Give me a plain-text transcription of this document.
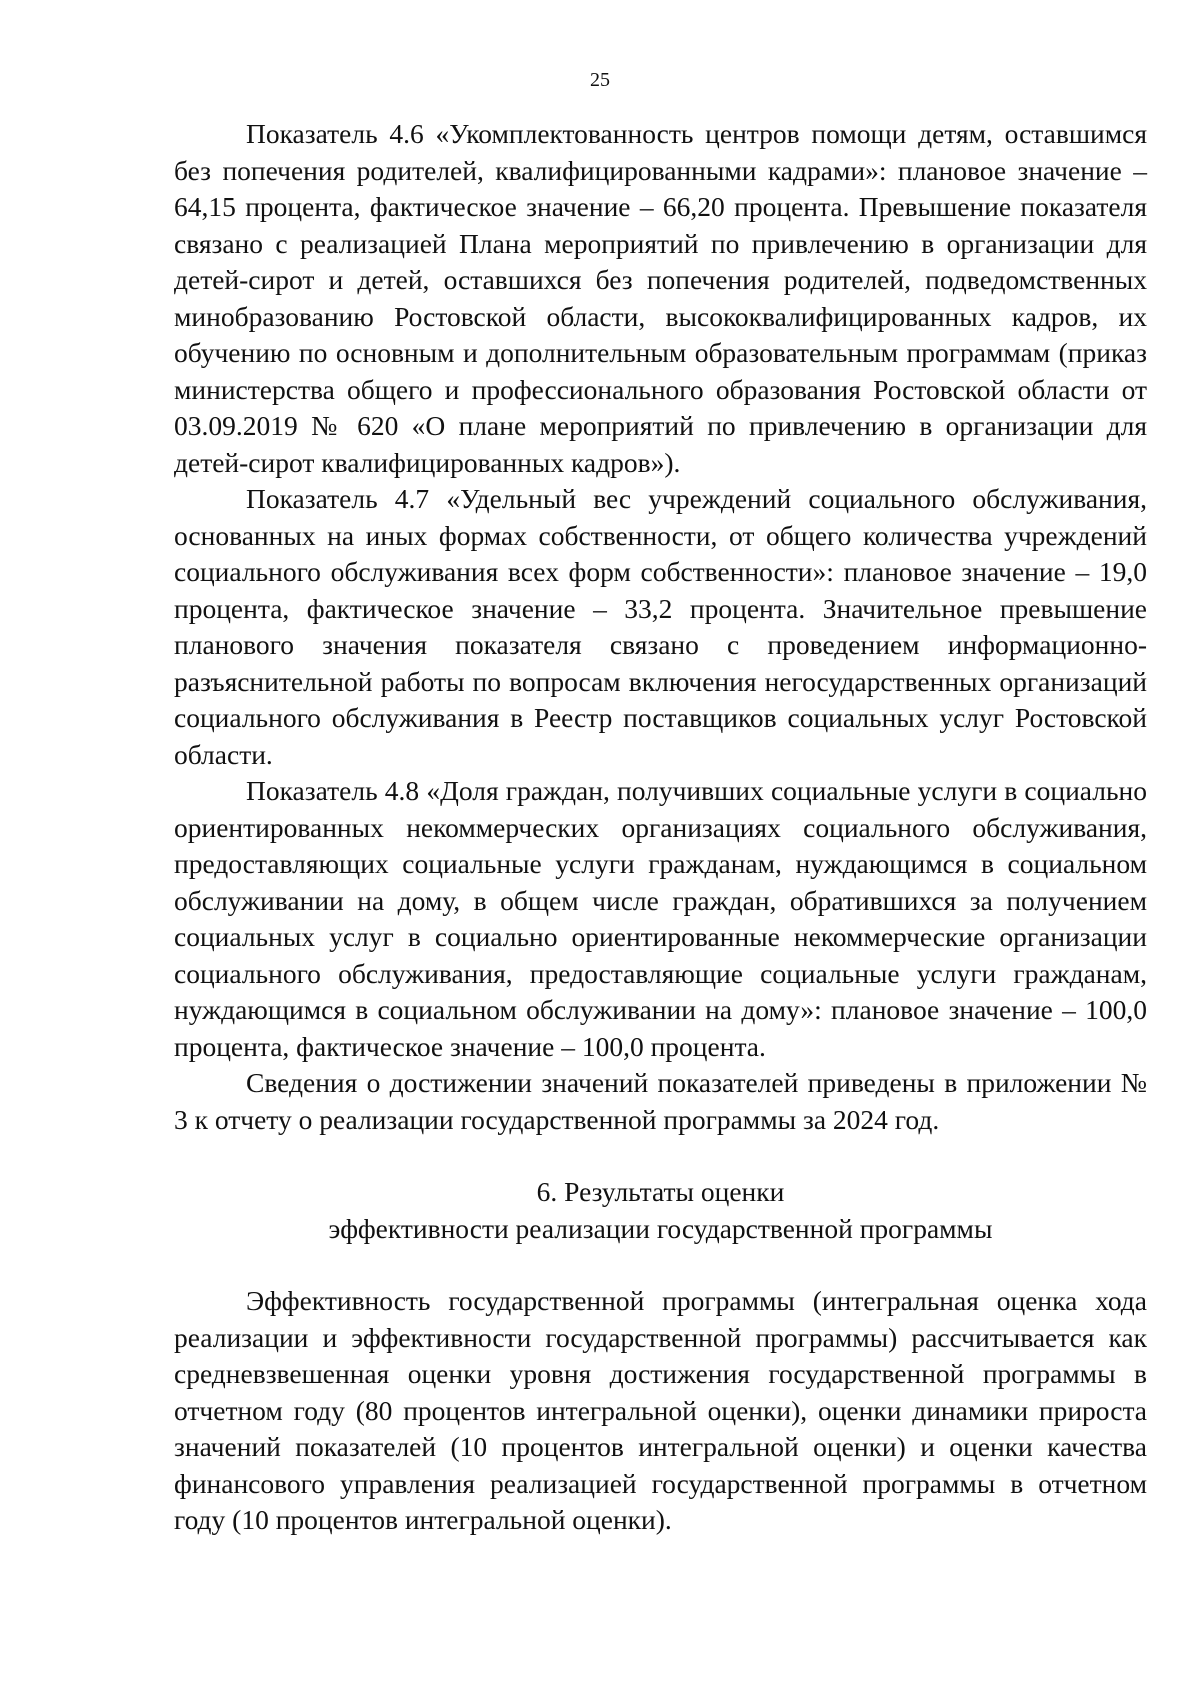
25

Показатель 4.6 «Укомплектованность центров помощи детям, оставшимся без попечения родителей, квалифицированными кадрами»: плановое значение – 64,15 процента, фактическое значение – 66,20 процента. Превышение показателя связано с реализацией Плана мероприятий по привлечению в организации для детей-сирот и детей, оставшихся без попечения родителей, подведомственных минобразованию Ростовской области, высококвалифицированных кадров, их обучению по основным и дополнительным образовательным программам (приказ министерства общего и профессионального образования Ростовской области от 03.09.2019 № 620 «О плане мероприятий по привлечению в организации для детей-сирот квалифицированных кадров»).

Показатель 4.7 «Удельный вес учреждений социального обслуживания, основанных на иных формах собственности, от общего количества учреждений социального обслуживания всех форм собственности»: плановое значение – 19,0 процента, фактическое значение – 33,2 процента. Значительное превышение планового значения показателя связано с проведением информационно-разъяснительной работы по вопросам включения негосударственных организаций социального обслуживания в Реестр поставщиков социальных услуг Ростовской области.

Показатель 4.8 «Доля граждан, получивших социальные услуги в социально ориентированных некоммерческих организациях социального обслуживания, предоставляющих социальные услуги гражданам, нуждающимся в социальном обслуживании на дому, в общем числе граждан, обратившихся за получением социальных услуг в социально ориентированные некоммерческие организации социального обслуживания, предоставляющие социальные услуги гражданам, нуждающимся в социальном обслуживании на дому»: плановое значение – 100,0 процента, фактическое значение – 100,0 процента.

Сведения о достижении значений показателей приведены в приложении № 3 к отчету о реализации государственной программы за 2024 год.

6. Результаты оценки
эффективности реализации государственной программы

Эффективность государственной программы (интегральная оценка хода реализации и эффективности государственной программы) рассчитывается как средневзвешенная оценки уровня достижения государственной программы в отчетном году (80 процентов интегральной оценки), оценки динамики прироста значений показателей (10 процентов интегральной оценки) и оценки качества финансового управления реализацией государственной программы в отчетном году (10 процентов интегральной оценки).
